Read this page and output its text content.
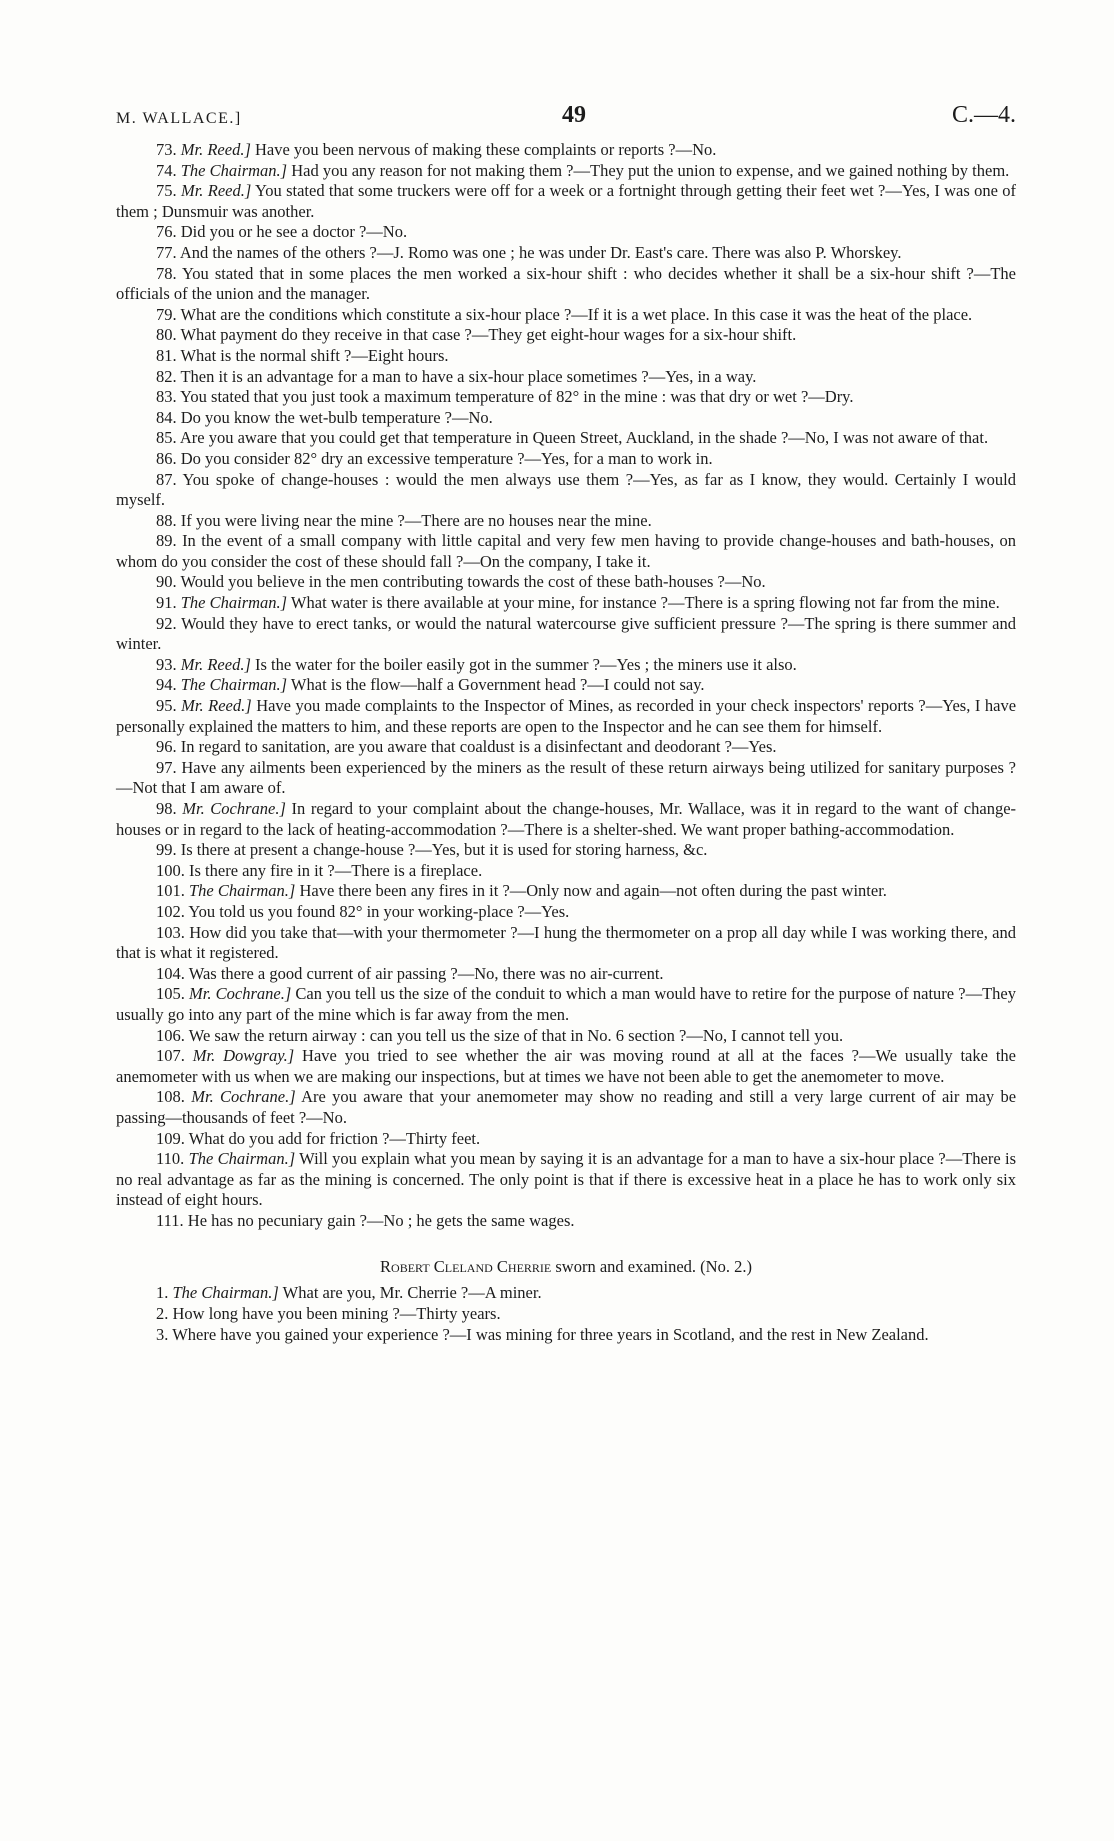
M. WALLACE.]	49	C.—4.

73. Mr. Reed.] Have you been nervous of making these complaints or reports ?—No.

74. The Chairman.] Had you any reason for not making them ?—They put the union to expense, and we gained nothing by them.

75. Mr. Reed.] You stated that some truckers were off for a week or a fortnight through getting their feet wet ?—Yes, I was one of them ; Dunsmuir was another.

76. Did you or he see a doctor ?—No.

77. And the names of the others ?—J. Romo was one ; he was under Dr. East's care. There was also P. Whorskey.

78. You stated that in some places the men worked a six-hour shift : who decides whether it shall be a six-hour shift ?—The officials of the union and the manager.

79. What are the conditions which constitute a six-hour place ?—If it is a wet place. In this case it was the heat of the place.

80. What payment do they receive in that case ?—They get eight-hour wages for a six-hour shift.

81. What is the normal shift ?—Eight hours.

82. Then it is an advantage for a man to have a six-hour place sometimes ?—Yes, in a way.

83. You stated that you just took a maximum temperature of 82° in the mine : was that dry or wet ?—Dry.

84. Do you know the wet-bulb temperature ?—No.

85. Are you aware that you could get that temperature in Queen Street, Auckland, in the shade ?—No, I was not aware of that.

86. Do you consider 82° dry an excessive temperature ?—Yes, for a man to work in.

87. You spoke of change-houses : would the men always use them ?—Yes, as far as I know, they would. Certainly I would myself.

88. If you were living near the mine ?—There are no houses near the mine.

89. In the event of a small company with little capital and very few men having to provide change-houses and bath-houses, on whom do you consider the cost of these should fall ?—On the company, I take it.

90. Would you believe in the men contributing towards the cost of these bath-houses ?—No.

91. The Chairman.] What water is there available at your mine, for instance ?—There is a spring flowing not far from the mine.

92. Would they have to erect tanks, or would the natural watercourse give sufficient pressure ?—The spring is there summer and winter.

93. Mr. Reed.] Is the water for the boiler easily got in the summer ?—Yes ; the miners use it also.

94. The Chairman.] What is the flow—half a Government head ?—I could not say.

95. Mr. Reed.] Have you made complaints to the Inspector of Mines, as recorded in your check inspectors' reports ?—Yes, I have personally explained the matters to him, and these reports are open to the Inspector and he can see them for himself.

96. In regard to sanitation, are you aware that coaldust is a disinfectant and deodorant ?—Yes.

97. Have any ailments been experienced by the miners as the result of these return airways being utilized for sanitary purposes ?—Not that I am aware of.

98. Mr. Cochrane.] In regard to your complaint about the change-houses, Mr. Wallace, was it in regard to the want of change-houses or in regard to the lack of heating-accommodation ?—There is a shelter-shed. We want proper bathing-accommodation.

99. Is there at present a change-house ?—Yes, but it is used for storing harness, &c.

100. Is there any fire in it ?—There is a fireplace.

101. The Chairman.] Have there been any fires in it ?—Only now and again—not often during the past winter.

102. You told us you found 82° in your working-place ?—Yes.

103. How did you take that—with your thermometer ?—I hung the thermometer on a prop all day while I was working there, and that is what it registered.

104. Was there a good current of air passing ?—No, there was no air-current.

105. Mr. Cochrane.] Can you tell us the size of the conduit to which a man would have to retire for the purpose of nature ?—They usually go into any part of the mine which is far away from the men.

106. We saw the return airway : can you tell us the size of that in No. 6 section ?—No, I cannot tell you.

107. Mr. Dowgray.] Have you tried to see whether the air was moving round at all at the faces ?—We usually take the anemometer with us when we are making our inspections, but at times we have not been able to get the anemometer to move.

108. Mr. Cochrane.] Are you aware that your anemometer may show no reading and still a very large current of air may be passing—thousands of feet ?—No.

109. What do you add for friction ?—Thirty feet.

110. The Chairman.] Will you explain what you mean by saying it is an advantage for a man to have a six-hour place ?—There is no real advantage as far as the mining is concerned. The only point is that if there is excessive heat in a place he has to work only six instead of eight hours.

111. He has no pecuniary gain ?—No ; he gets the same wages.

Robert Cleland Cherrie sworn and examined. (No. 2.)

1. The Chairman.] What are you, Mr. Cherrie ?—A miner.

2. How long have you been mining ?—Thirty years.

3. Where have you gained your experience ?—I was mining for three years in Scotland, and the rest in New Zealand.
